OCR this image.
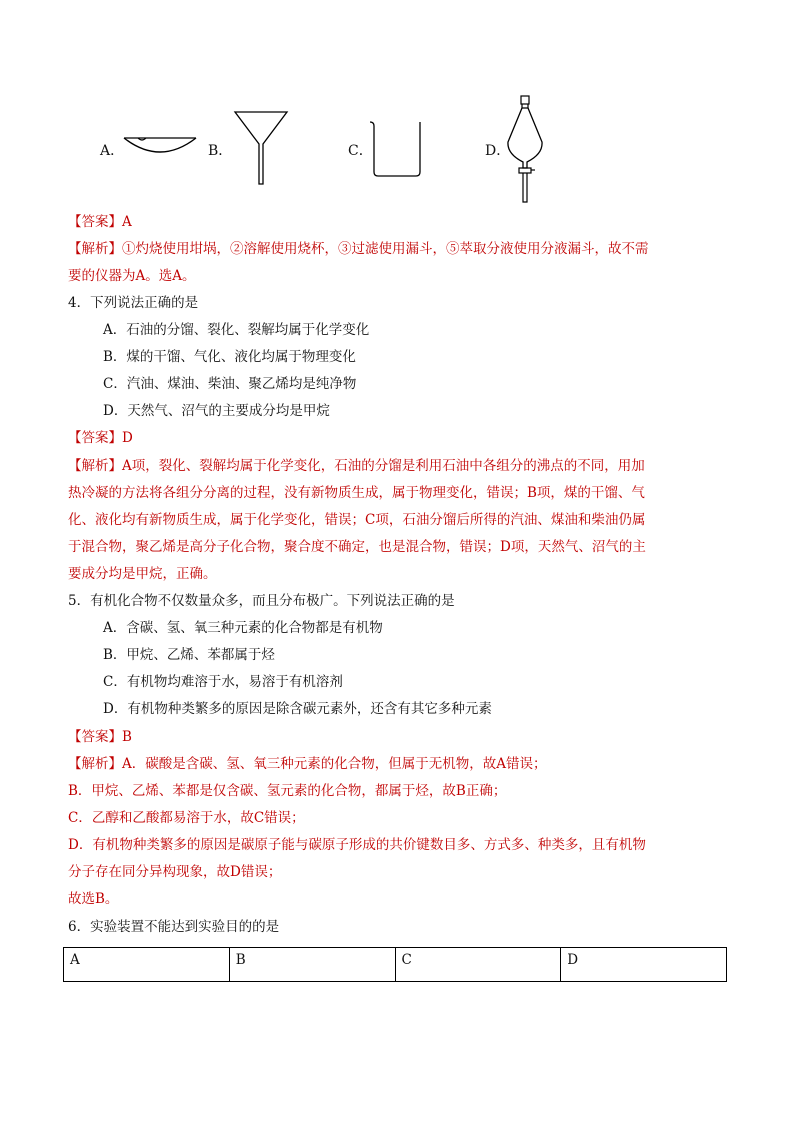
A．	B．	C．	D．
【答案】A
【解析】①灼烧使用坩埚，②溶解使用烧杯，③过滤使用漏斗，⑤萃取分液使用分液漏斗，故不需
要的仪器为A。选A。
4．下列说法正确的是
A．石油的分馏、裂化、裂解均属于化学变化
B．煤的干馏、气化、液化均属于物理变化
C．汽油、煤油、柴油、聚乙烯均是纯净物
D．天然气、沼气的主要成分均是甲烷
【答案】D
【解析】A项，裂化、裂解均属于化学变化，石油的分馏是利用石油中各组分的沸点的不同，用加
热冷凝的方法将各组分分离的过程，没有新物质生成，属于物理变化，错误；B项，煤的干馏、气
化、液化均有新物质生成，属于化学变化，错误；C项，石油分馏后所得的汽油、煤油和柴油仍属
于混合物，聚乙烯是高分子化合物，聚合度不确定，也是混合物，错误；D项，天然气、沼气的主
要成分均是甲烷，正确。
5．有机化合物不仅数量众多，而且分布极广。下列说法正确的是
A．含碳、氢、氧三种元素的化合物都是有机物
B．甲烷、乙烯、苯都属于烃
C．有机物均难溶于水，易溶于有机溶剂
D．有机物种类繁多的原因是除含碳元素外，还含有其它多种元素
【答案】B
【解析】A．碳酸是含碳、氢、氧三种元素的化合物，但属于无机物，故A错误；
B．甲烷、乙烯、苯都是仅含碳、氢元素的化合物，都属于烃，故B正确；
C．乙醇和乙酸都易溶于水，故C错误；
D．有机物种类繁多的原因是碳原子能与碳原子形成的共价键数目多、方式多、种类多，且有机物
分子存在同分异构现象，故D错误；
故选B。
6．实验装置不能达到实验目的的是
A	B	C	D
